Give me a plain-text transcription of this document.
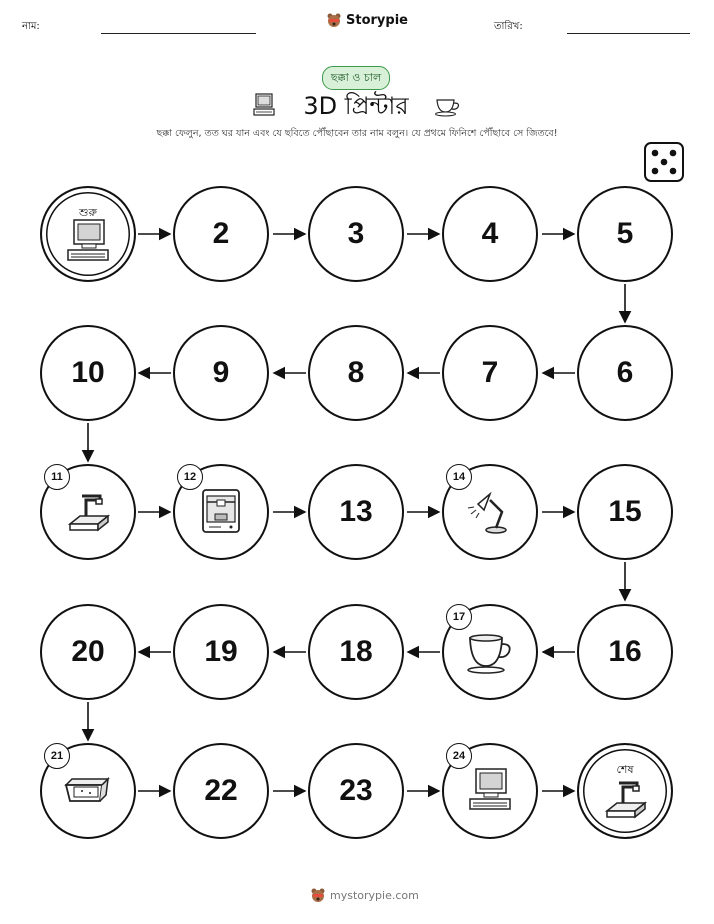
নাম:	Storypie	তারিখ:
ছক্কা ও চাল
3D প্রিন্টার
ছক্কা ফেলুন, তত ঘর যান এবং যে ছবিতে পৌঁছাবেন তার নাম বলুন। যে প্রথমে ফিনিশে পৌঁছাবে সে জিতবে!
শুরু
2	3	4	5
10	9	8	7	6
11	12
13
14
15
20	19	18
17
16
21
22	23
24
শেষ
mystorypie.com
